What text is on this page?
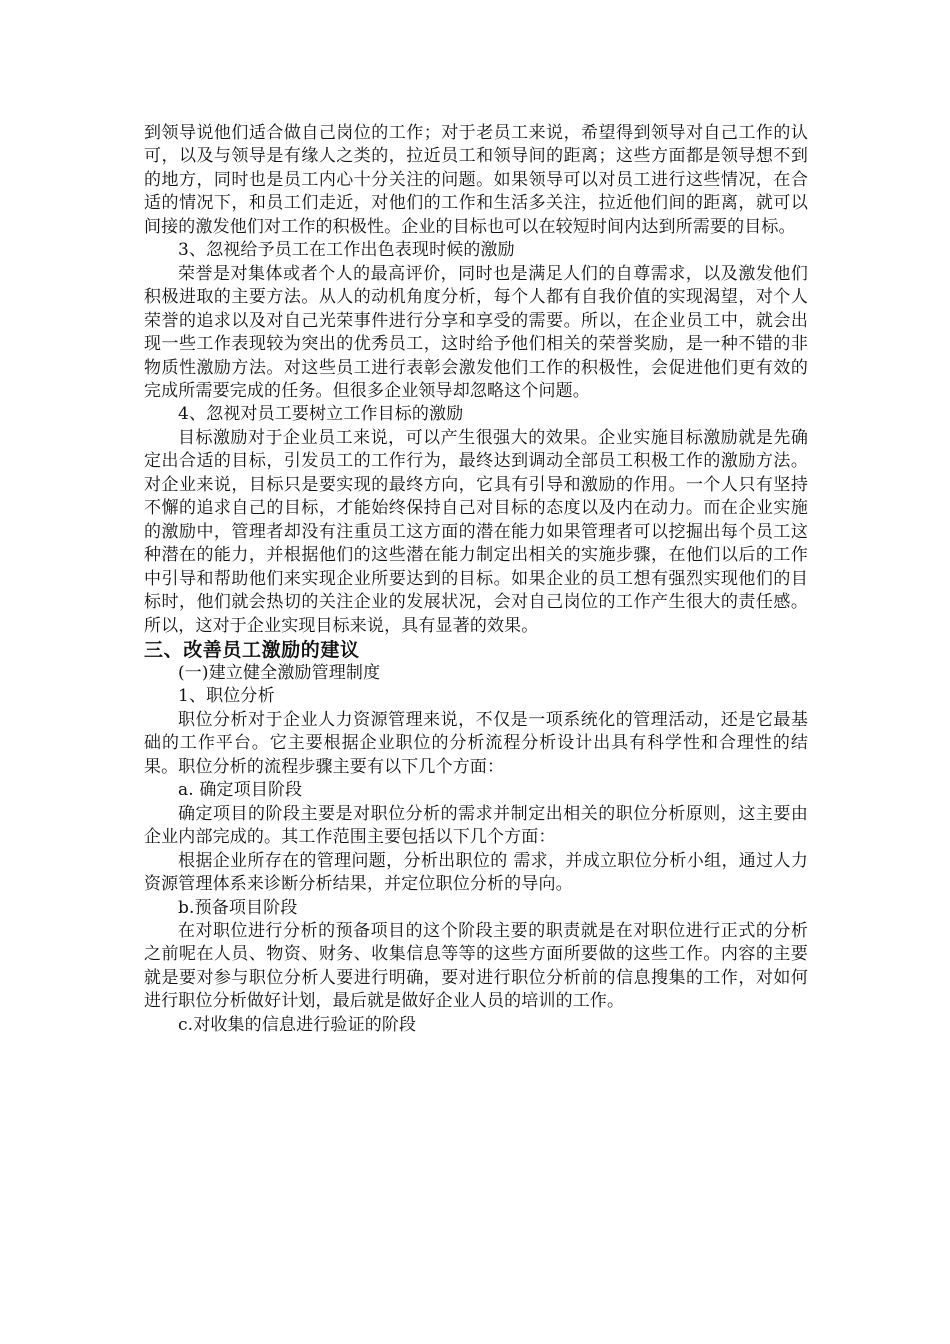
到领导说他们适合做自己岗位的工作；对于老员工来说，希望得到领导对自己工作的认可，以及与领导是有缘人之类的，拉近员工和领导间的距离；这些方面都是领导想不到的地方，同时也是员工内心十分关注的问题。如果领导可以对员工进行这些情况，在合适的情况下，和员工们走近，对他们的工作和生活多关注，拉近他们间的距离，就可以间接的激发他们对工作的积极性。企业的目标也可以在较短时间内达到所需要的目标。

3、忽视给予员工在工作出色表现时候的激励

荣誉是对集体或者个人的最高评价，同时也是满足人们的自尊需求，以及激发他们积极进取的主要方法。从人的动机角度分析，每个人都有自我价值的实现渴望，对个人荣誉的追求以及对自己光荣事件进行分享和享受的需要。所以，在企业员工中，就会出现一些工作表现较为突出的优秀员工，这时给予他们相关的荣誉奖励，是一种不错的非物质性激励方法。对这些员工进行表彰会激发他们工作的积极性，会促进他们更有效的完成所需要完成的任务。但很多企业领导却忽略这个问题。

4、忽视对员工要树立工作目标的激励

目标激励对于企业员工来说，可以产生很强大的效果。企业实施目标激励就是先确定出合适的目标，引发员工的工作行为，最终达到调动全部员工积极工作的激励方法。对企业来说，目标只是要实现的最终方向，它具有引导和激励的作用。一个人只有坚持不懈的追求自己的目标，才能始终保持自己对目标的态度以及内在动力。而在企业实施的激励中，管理者却没有注重员工这方面的潜在能力如果管理者可以挖掘出每个员工这种潜在的能力，并根据他们的这些潜在能力制定出相关的实施步骤，在他们以后的工作中引导和帮助他们来实现企业所要达到的目标。如果企业的员工想有强烈实现他们的目标时，他们就会热切的关注企业的发展状况，会对自己岗位的工作产生很大的责任感。所以，这对于企业实现目标来说，具有显著的效果。

三、改善员工激励的建议

(一)建立健全激励管理制度

1、职位分析

职位分析对于企业人力资源管理来说，不仅是一项系统化的管理活动，还是它最基础的工作平台。它主要根据企业职位的分析流程分析设计出具有科学性和合理性的结果。职位分析的流程步骤主要有以下几个方面：

a. 确定项目阶段

确定项目的阶段主要是对职位分析的需求并制定出相关的职位分析原则，这主要由企业内部完成的。其工作范围主要包括以下几个方面：

根据企业所存在的管理问题，分析出职位的 需求，并成立职位分析小组，通过人力资源管理体系来诊断分析结果，并定位职位分析的导向。

b.预备项目阶段

在对职位进行分析的预备项目的这个阶段主要的职责就是在对职位进行正式的分析之前呢在人员、物资、财务、收集信息等等的这些方面所要做的这些工作。内容的主要就是要对参与职位分析人要进行明确，要对进行职位分析前的信息搜集的工作，对如何进行职位分析做好计划，最后就是做好企业人员的培训的工作。

c.对收集的信息进行验证的阶段
